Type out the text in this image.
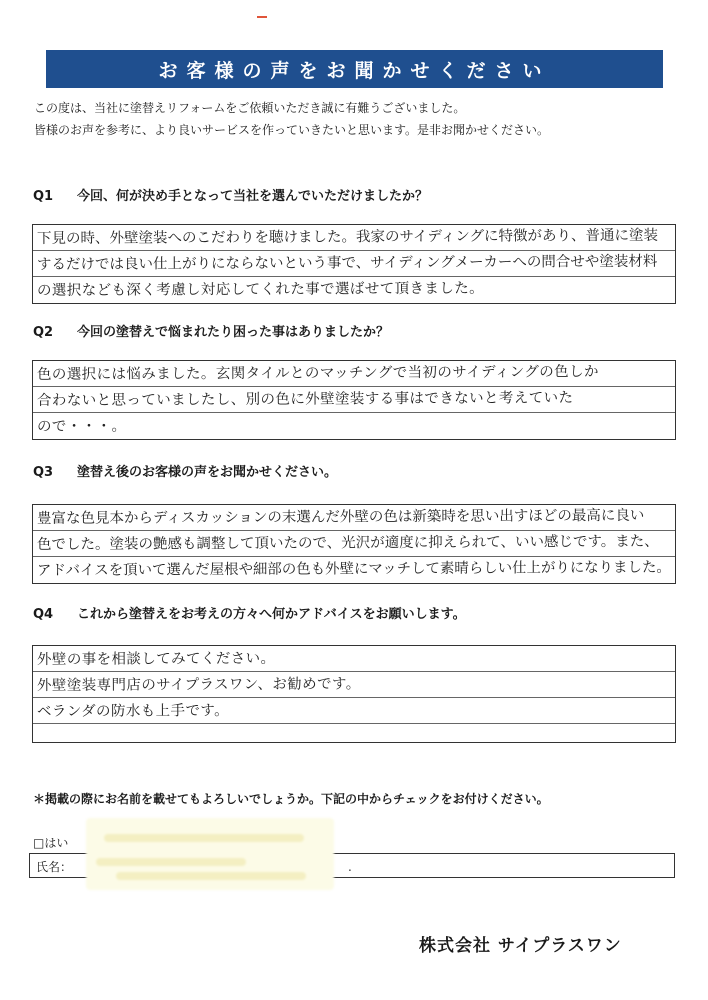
お客様の声をお聞かせください
この度は、当社に塗替えリフォームをご依頼いただき誠に有難うございました。
皆様のお声を参考に、より良いサービスを作っていきたいと思います。是非お聞かせください。
Q1 今回、何が決め手となって当社を選んでいただけましたか？
下見の時、外壁塗装へのこだわりを聴けました。我家のサイディングに特徴があり、普通に塗装
するだけでは良い仕上がりにならないという事で、サイディングメーカーへの問合せや塗装材料
の選択なども深く考慮し対応してくれた事で選ばせて頂きました。
Q2 今回の塗替えで悩まれたり困った事はありましたか？
色の選択には悩みました。玄関タイルとのマッチングで当初のサイディングの色しか
合わないと思っていましたし、別の色に外壁塗装する事はできないと考えていた
ので・・・。
Q3 塗替え後のお客様の声をお聞かせください。
豊富な色見本からディスカッションの末選んだ外壁の色は新築時を思い出すほどの最高に良い
色でした。塗装の艶感も調整して頂いたので、光沢が適度に抑えられて、いい感じです。また、
アドバイスを頂いて選んだ屋根や細部の色も外壁にマッチして素晴らしい仕上がりになりました。
Q4 これから塗替えをお考えの方々へ何かアドバイスをお願いします。
外壁の事を相談してみてください。
外壁塗装専門店のサイプラスワン、お勧めです。
ベランダの防水も上手です。
＊掲載の際にお名前を載せてもよろしいでしょうか。下記の中からチェックをお付けください。
□はい
氏名：	.
株式会社 サイプラスワン
